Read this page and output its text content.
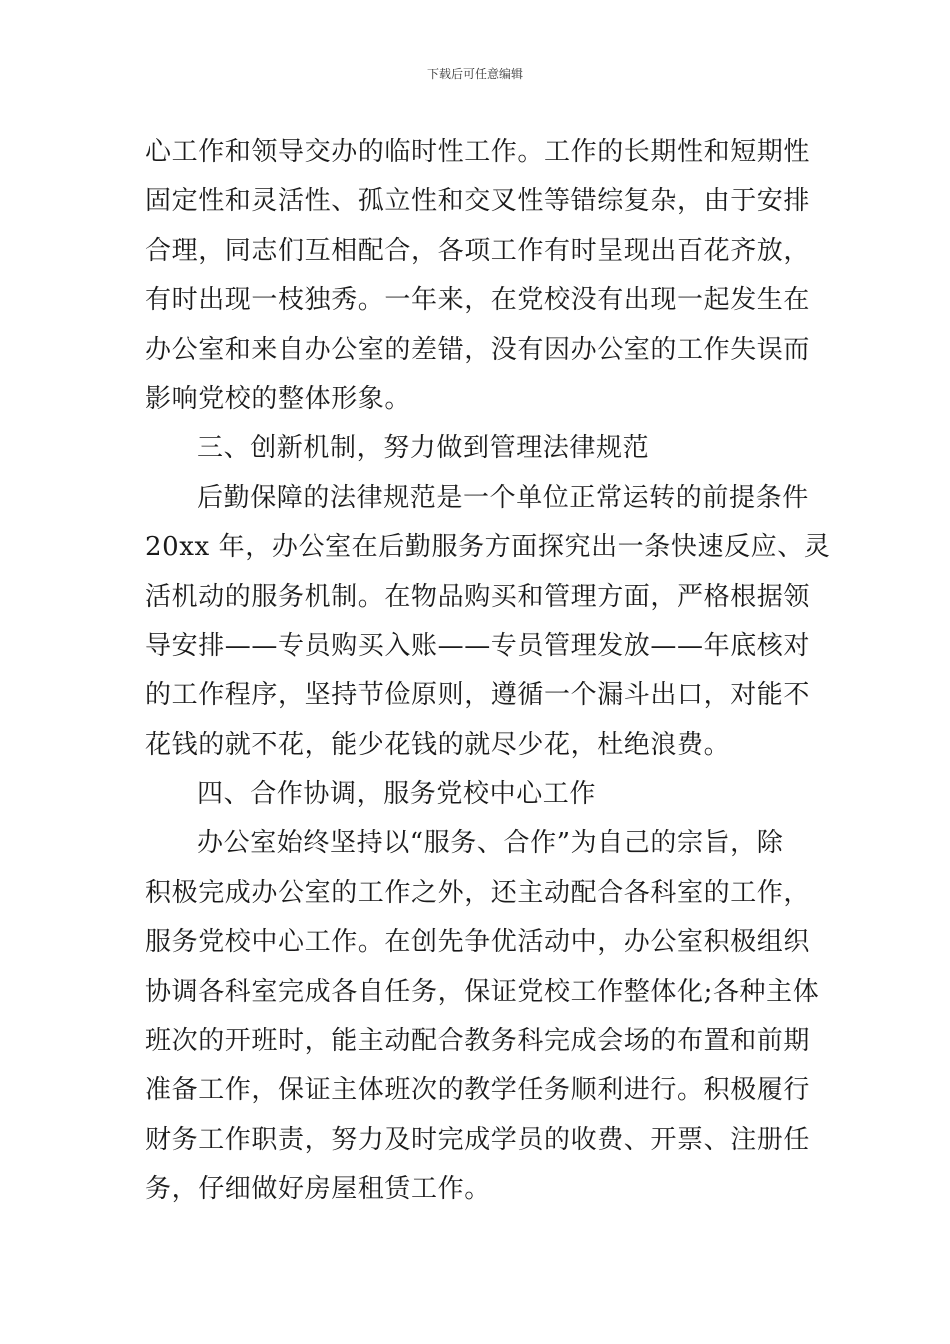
下载后可任意编辑
心工作和领导交办的临时性工作。工作的长期性和短期性
固定性和灵活性、孤立性和交叉性等错综复杂，由于安排
合理，同志们互相配合，各项工作有时呈现出百花齐放，
有时出现一枝独秀。一年来，在党校没有出现一起发生在
办公室和来自办公室的差错，没有因办公室的工作失误而
影响党校的整体形象。
三、创新机制，努力做到管理法律规范
后勤保障的法律规范是一个单位正常运转的前提条件
20xx 年，办公室在后勤服务方面探究出一条快速反应、灵
活机动的服务机制。在物品购买和管理方面，严格根据领
导安排——专员购买入账——专员管理发放——年底核对
的工作程序，坚持节俭原则，遵循一个漏斗出口，对能不
花钱的就不花，能少花钱的就尽少花，杜绝浪费。
四、合作协调，服务党校中心工作
办公室始终坚持以“服务、合作”为自己的宗旨，除
积极完成办公室的工作之外，还主动配合各科室的工作，
服务党校中心工作。在创先争优活动中，办公室积极组织
协调各科室完成各自任务，保证党校工作整体化;各种主体
班次的开班时，能主动配合教务科完成会场的布置和前期
准备工作，保证主体班次的教学任务顺利进行。积极履行
财务工作职责，努力及时完成学员的收费、开票、注册任
务，仔细做好房屋租赁工作。
